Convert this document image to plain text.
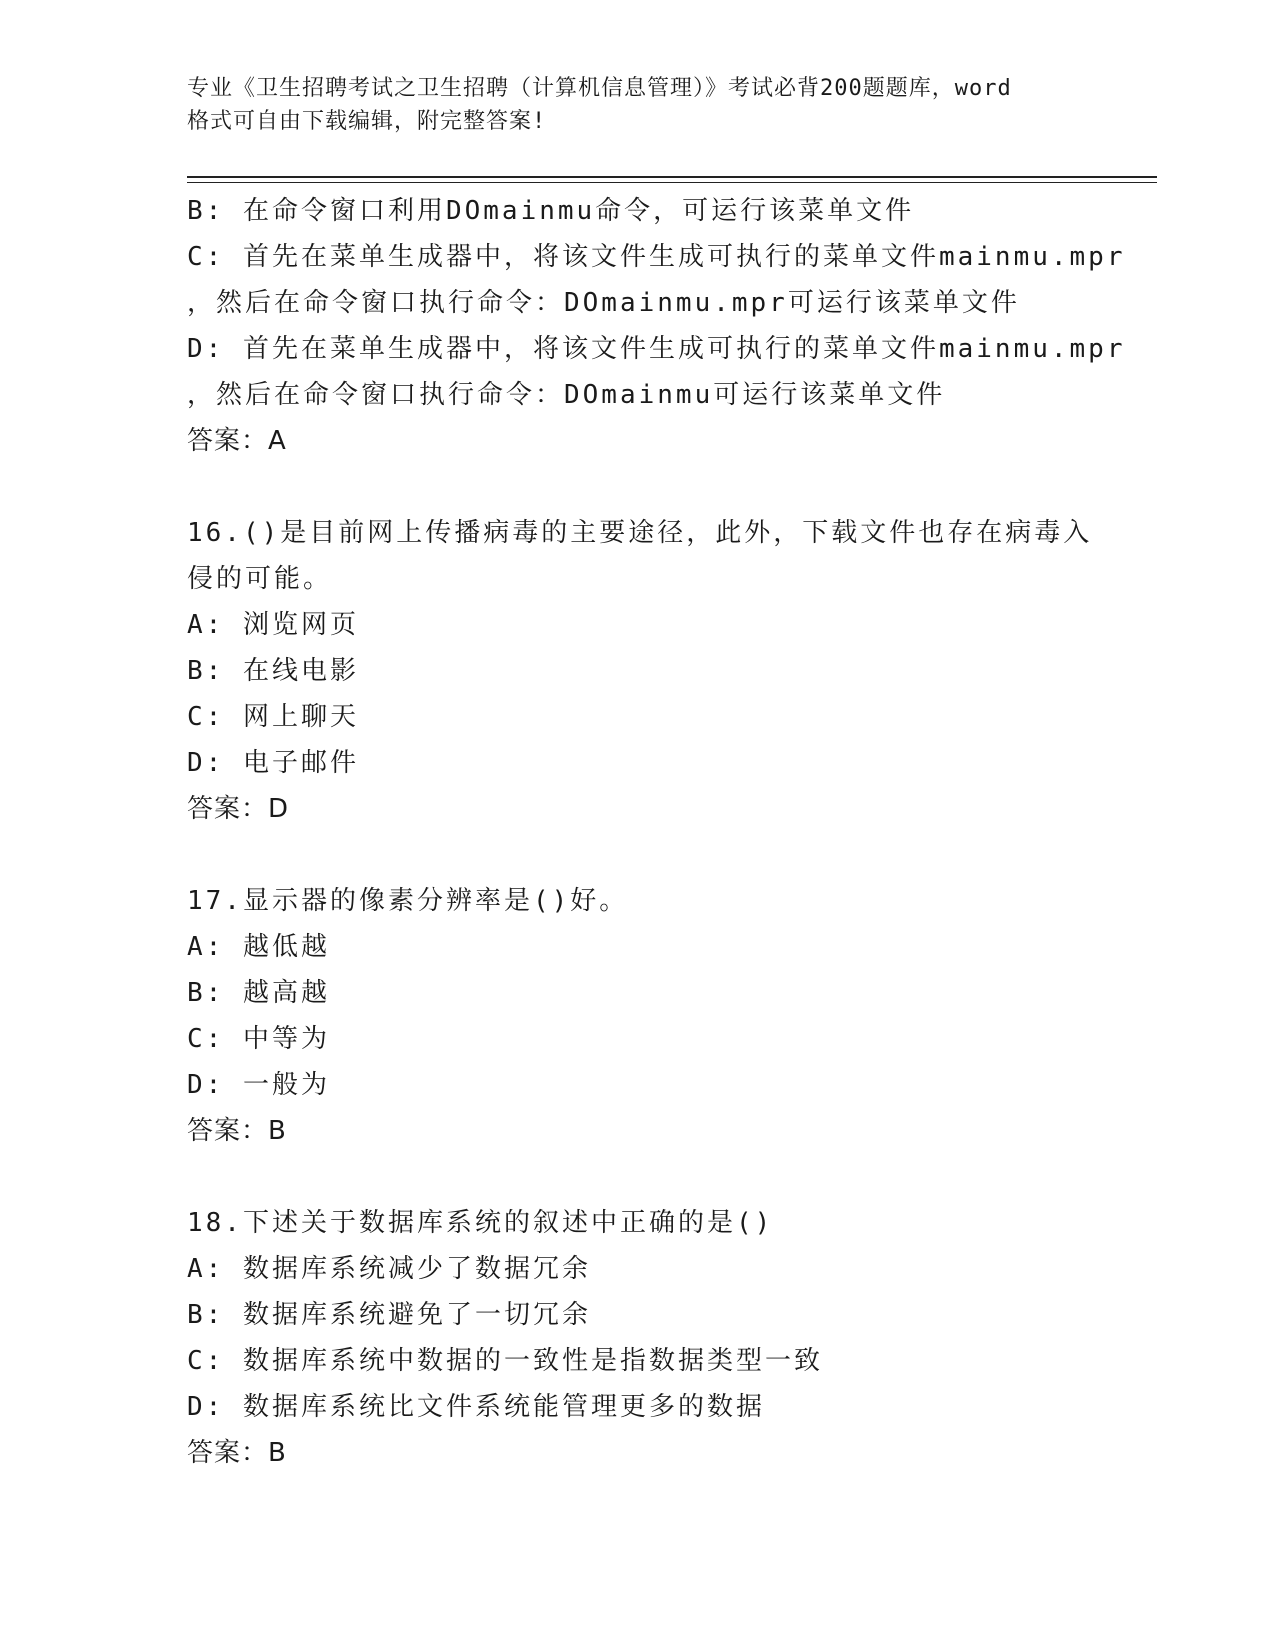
专业《卫生招聘考试之卫生招聘（计算机信息管理）》考试必背200题题库，word
格式可自由下载编辑，附完整答案!
B: 在命令窗口利用DOmainmu命令，可运行该菜单文件
C: 首先在菜单生成器中，将该文件生成可执行的菜单文件mainmu.mpr
，然后在命令窗口执行命令：DOmainmu.mpr可运行该菜单文件
D: 首先在菜单生成器中，将该文件生成可执行的菜单文件mainmu.mpr
，然后在命令窗口执行命令：DOmainmu可运行该菜单文件
答案：A
16.()是目前网上传播病毒的主要途径，此外，下载文件也存在病毒入
侵的可能。
A: 浏览网页
B: 在线电影
C: 网上聊天
D: 电子邮件
答案：D
17.显示器的像素分辨率是()好。
A: 越低越
B: 越高越
C: 中等为
D: 一般为
答案：B
18.下述关于数据库系统的叙述中正确的是()
A: 数据库系统减少了数据冗余
B: 数据库系统避免了一切冗余
C: 数据库系统中数据的一致性是指数据类型一致
D: 数据库系统比文件系统能管理更多的数据
答案：B
